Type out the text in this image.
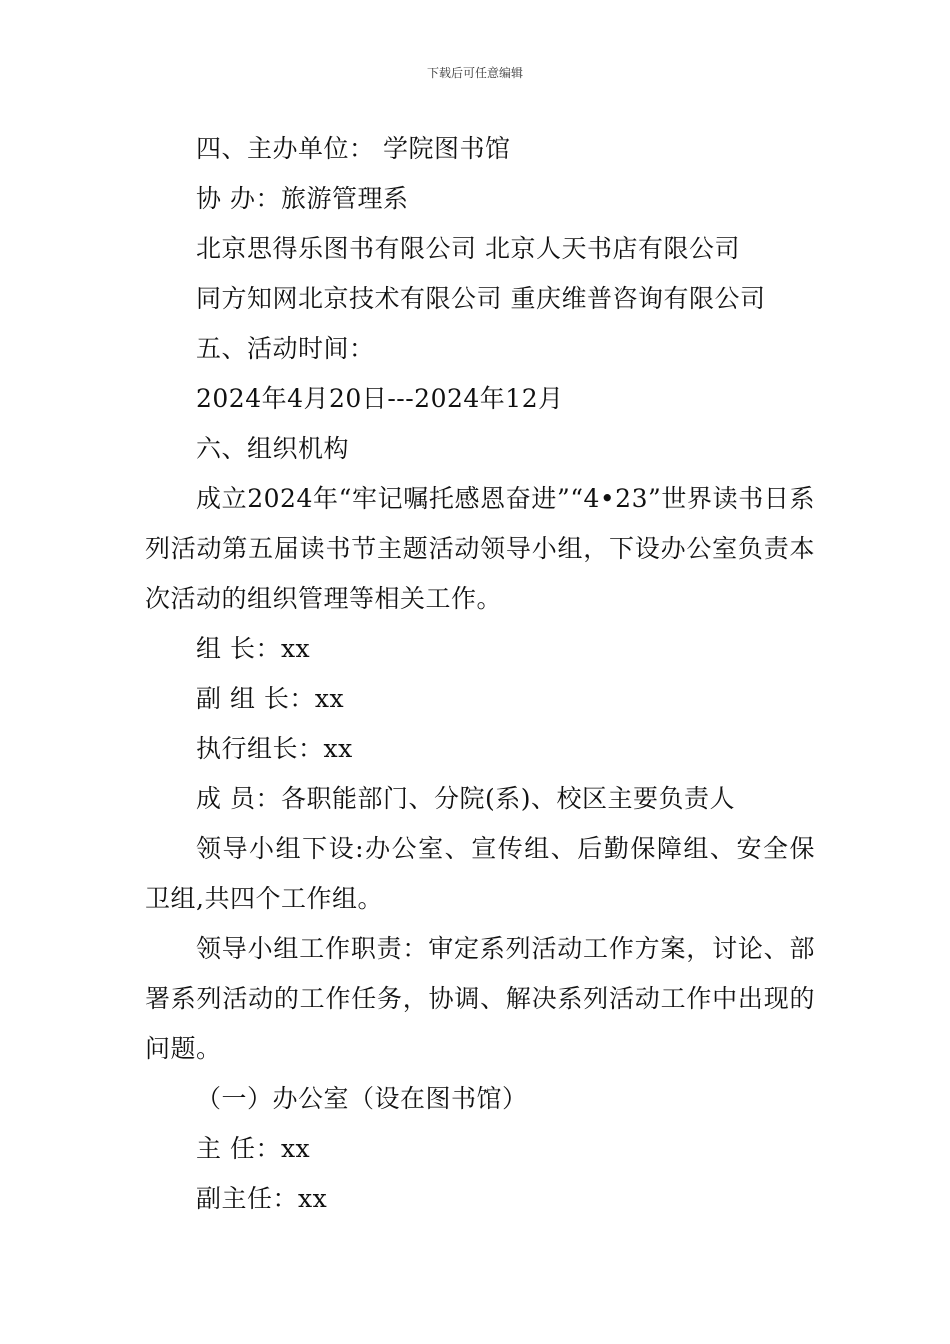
下载后可任意编辑

四、主办单位： 学院图书馆

协 办：旅游管理系

北京思得乐图书有限公司 北京人天书店有限公司

同方知网北京技术有限公司 重庆维普咨询有限公司

五、活动时间：

2024年4月20日---2024年12月

六、组织机构

成立2024年“牢记嘱托感恩奋进”“4•23”世界读书日系列活动第五届读书节主题活动领导小组，下设办公室负责本次活动的组织管理等相关工作。

组 长：xx

副 组 长：xx

执行组长：xx

成 员：各职能部门、分院(系)、校区主要负责人

领导小组下设:办公室、宣传组、后勤保障组、安全保卫组,共四个工作组。

领导小组工作职责：审定系列活动工作方案，讨论、部署系列活动的工作任务，协调、解决系列活动工作中出现的问题。

（一）办公室（设在图书馆）

主 任：xx

副主任：xx
